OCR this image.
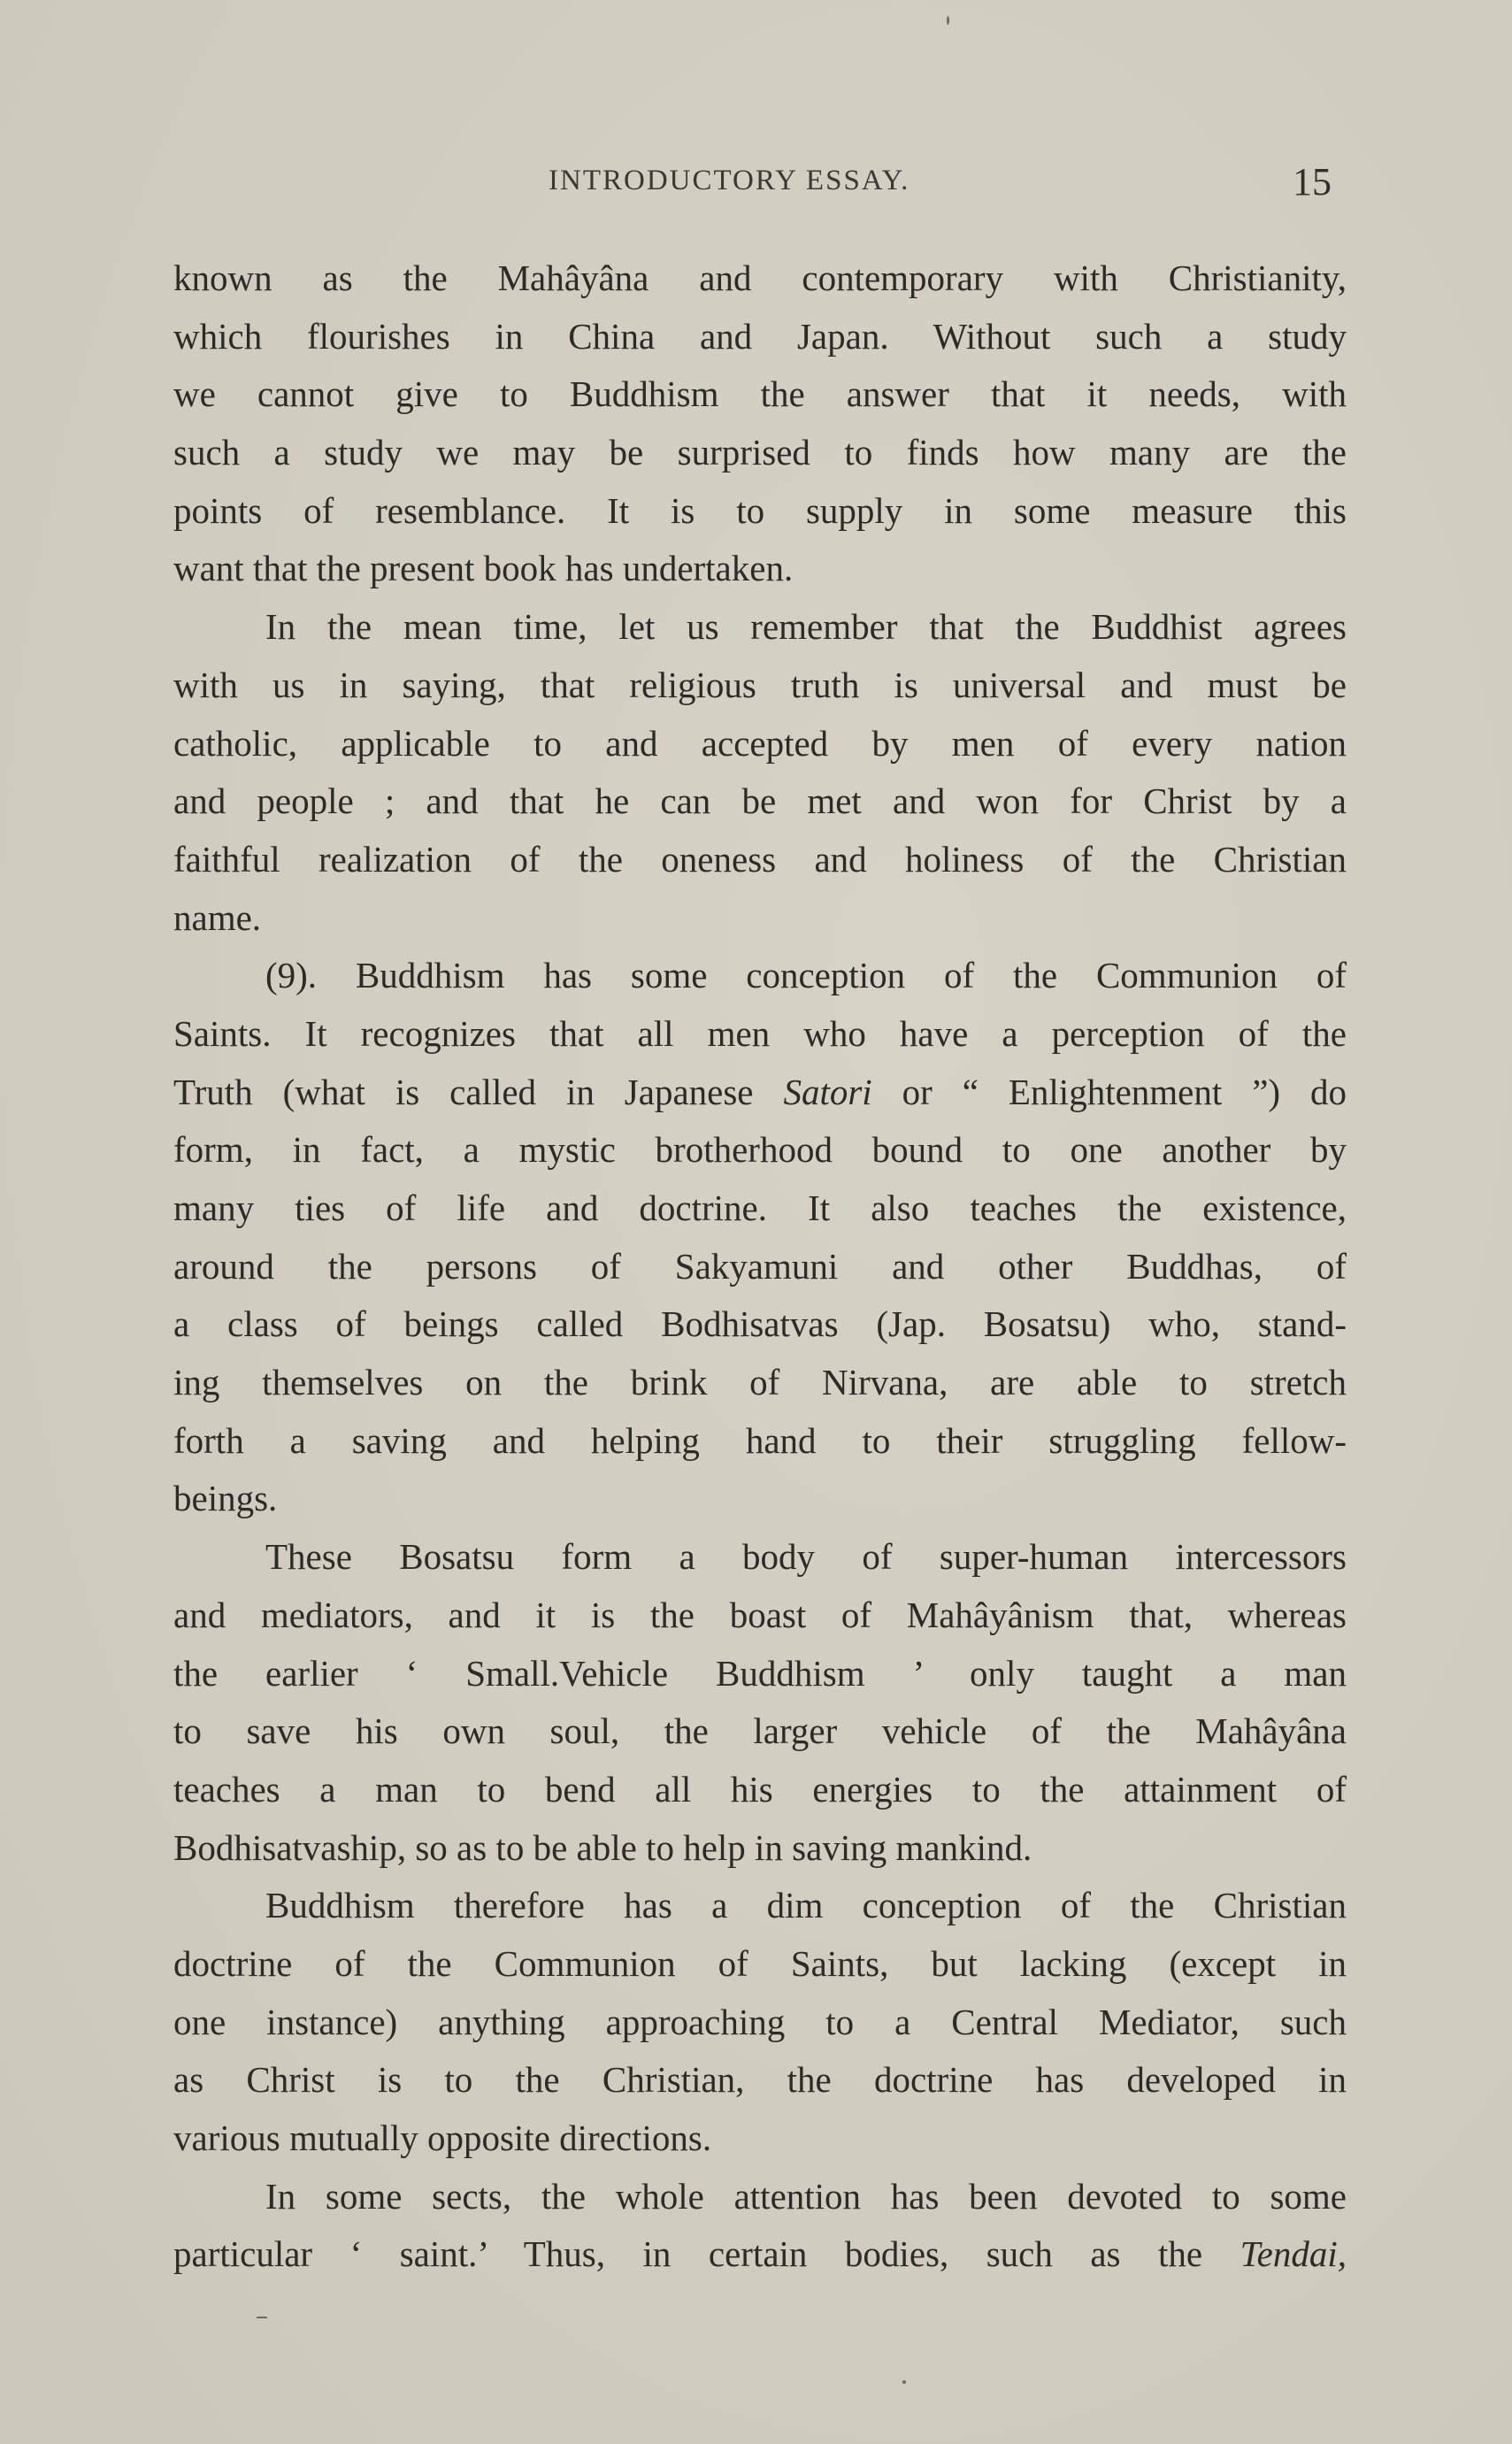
INTRODUCTORY ESSAY.	15
known as the Mahâyâna and contemporary with Christianity,
which flourishes in China and Japan. Without such a study
we cannot give to Buddhism the answer that it needs, with
such a study we may be surprised to finds how many are the
points of resemblance. It is to supply in some measure this
want that the present book has undertaken.
In the mean time, let us remember that the Buddhist agrees
with us in saying, that religious truth is universal and must be
catholic, applicable to and accepted by men of every nation
and people ; and that he can be met and won for Christ by a
faithful realization of the oneness and holiness of the Christian
name.
(9). Buddhism has some conception of the Communion of
Saints. It recognizes that all men who have a perception of the
Truth (what is called in Japanese Satori or “ Enlightenment ”) do
form, in fact, a mystic brotherhood bound to one another by
many ties of life and doctrine. It also teaches the existence,
around the persons of Sakyamuni and other Buddhas, of
a class of beings called Bodhisatvas (Jap. Bosatsu) who, stand-
ing themselves on the brink of Nirvana, are able to stretch
forth a saving and helping hand to their struggling fellow-
beings.
These Bosatsu form a body of super-human intercessors
and mediators, and it is the boast of Mahâyânism that, whereas
the earlier ‘ Small.Vehicle Buddhism ’ only taught a man
to save his own soul, the larger vehicle of the Mahâyâna
teaches a man to bend all his energies to the attainment of
Bodhisatvaship, so as to be able to help in saving mankind.
Buddhism therefore has a dim conception of the Christian
doctrine of the Communion of Saints, but lacking (except in
one instance) anything approaching to a Central Mediator, such
as Christ is to the Christian, the doctrine has developed in
various mutually opposite directions.
In some sects, the whole attention has been devoted to some
particular ‘ saint.’ Thus, in certain bodies, such as the Tendai,
